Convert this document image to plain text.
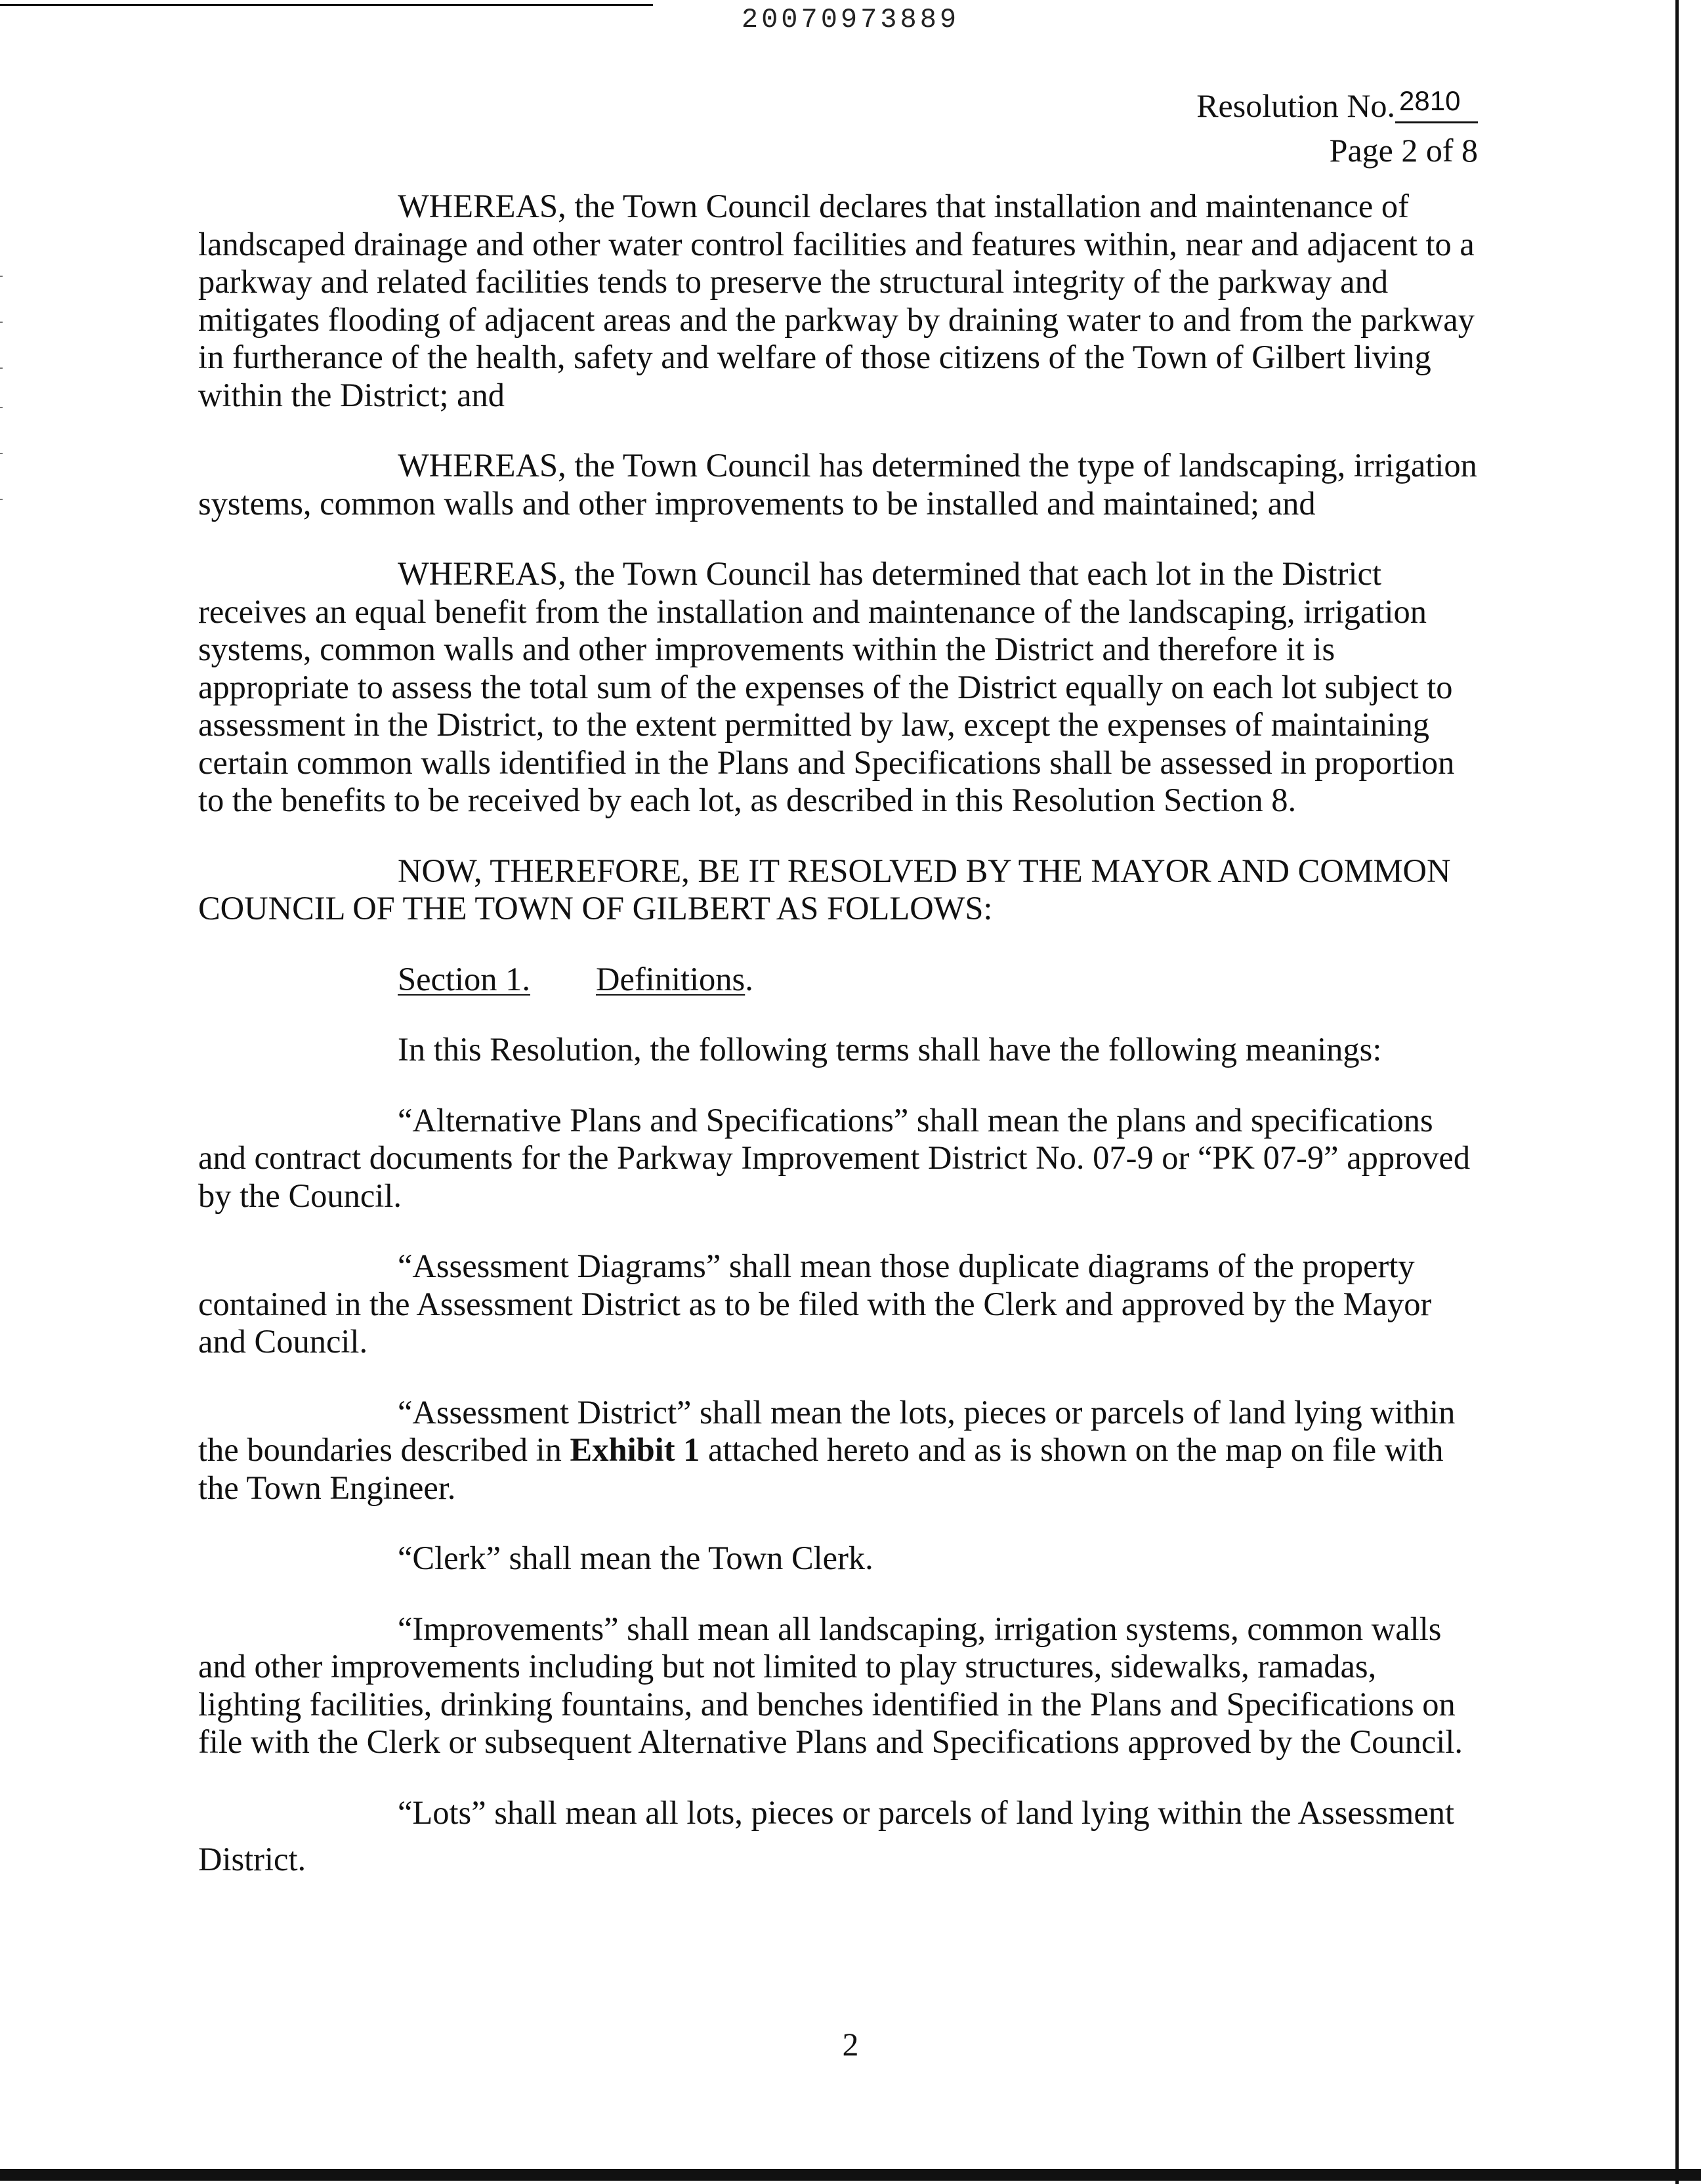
20070973889
Resolution No. 2810
Page 2 of 8

WHEREAS, the Town Council declares that installation and maintenance of landscaped drainage and other water control facilities and features within, near and adjacent to a parkway and related facilities tends to preserve the structural integrity of the parkway and mitigates flooding of adjacent areas and the parkway by draining water to and from the parkway in furtherance of the health, safety and welfare of those citizens of the Town of Gilbert living within the District; and

WHEREAS, the Town Council has determined the type of landscaping, irrigation systems, common walls and other improvements to be installed and maintained; and

WHEREAS, the Town Council has determined that each lot in the District receives an equal benefit from the installation and maintenance of the landscaping, irrigation systems, common walls and other improvements within the District and therefore it is appropriate to assess the total sum of the expenses of the District equally on each lot subject to assessment in the District, to the extent permitted by law, except the expenses of maintaining certain common walls identified in the Plans and Specifications shall be assessed in proportion to the benefits to be received by each lot, as described in this Resolution Section 8.

NOW, THEREFORE, BE IT RESOLVED BY THE MAYOR AND COMMON COUNCIL OF THE TOWN OF GILBERT AS FOLLOWS:

Section 1. Definitions.

In this Resolution, the following terms shall have the following meanings:

“Alternative Plans and Specifications” shall mean the plans and specifications and contract documents for the Parkway Improvement District No. 07-9 or “PK 07-9” approved by the Council.

“Assessment Diagrams” shall mean those duplicate diagrams of the property contained in the Assessment District as to be filed with the Clerk and approved by the Mayor and Council.

“Assessment District” shall mean the lots, pieces or parcels of land lying within the boundaries described in Exhibit 1 attached hereto and as is shown on the map on file with the Town Engineer.

“Clerk” shall mean the Town Clerk.

“Improvements” shall mean all landscaping, irrigation systems, common walls and other improvements including but not limited to play structures, sidewalks, ramadas, lighting facilities, drinking fountains, and benches identified in the Plans and Specifications on file with the Clerk or subsequent Alternative Plans and Specifications approved by the Council.

“Lots” shall mean all lots, pieces or parcels of land lying within the Assessment
District.
2
